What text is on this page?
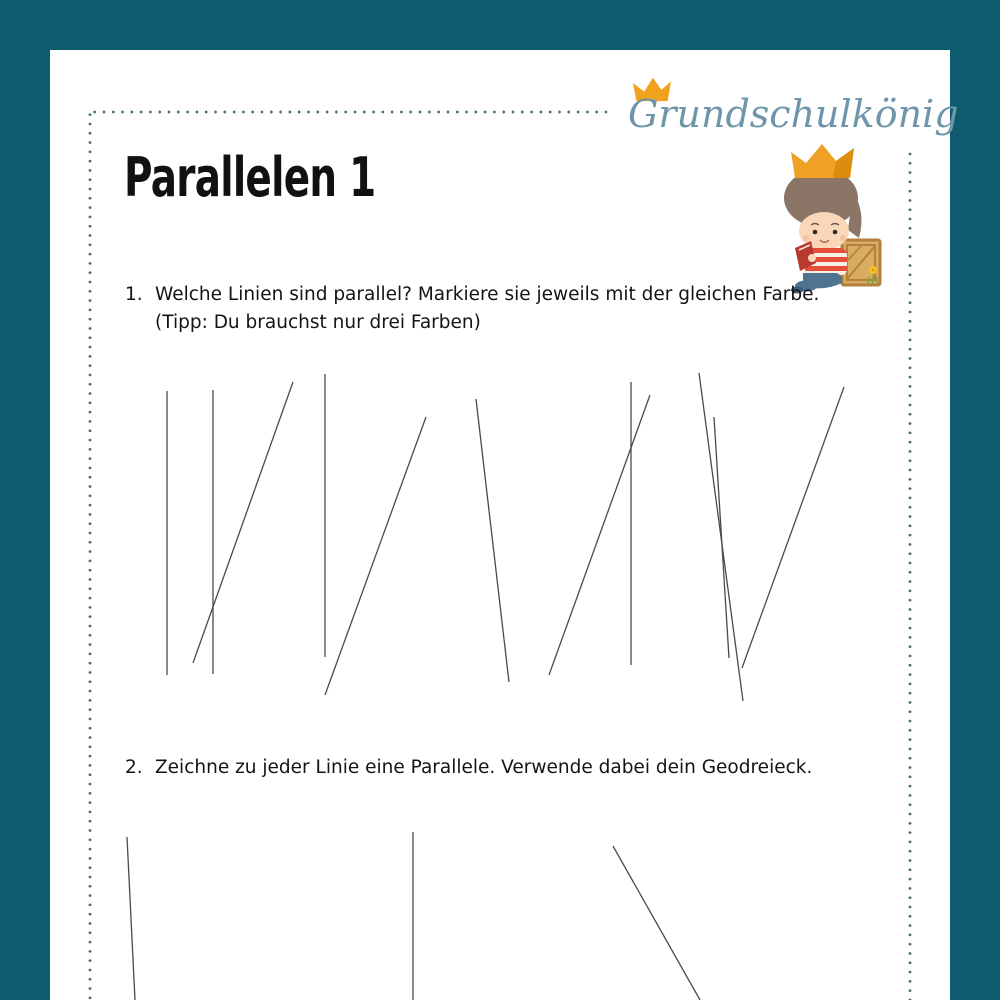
Grundschulkönig
Parallelen 1
1. Welche Linien sind parallel? Markiere sie jeweils mit der gleichen Farbe.
(Tipp: Du brauchst nur drei Farben)
2. Zeichne zu jeder Linie eine Parallele. Verwende dabei dein Geodreieck.
